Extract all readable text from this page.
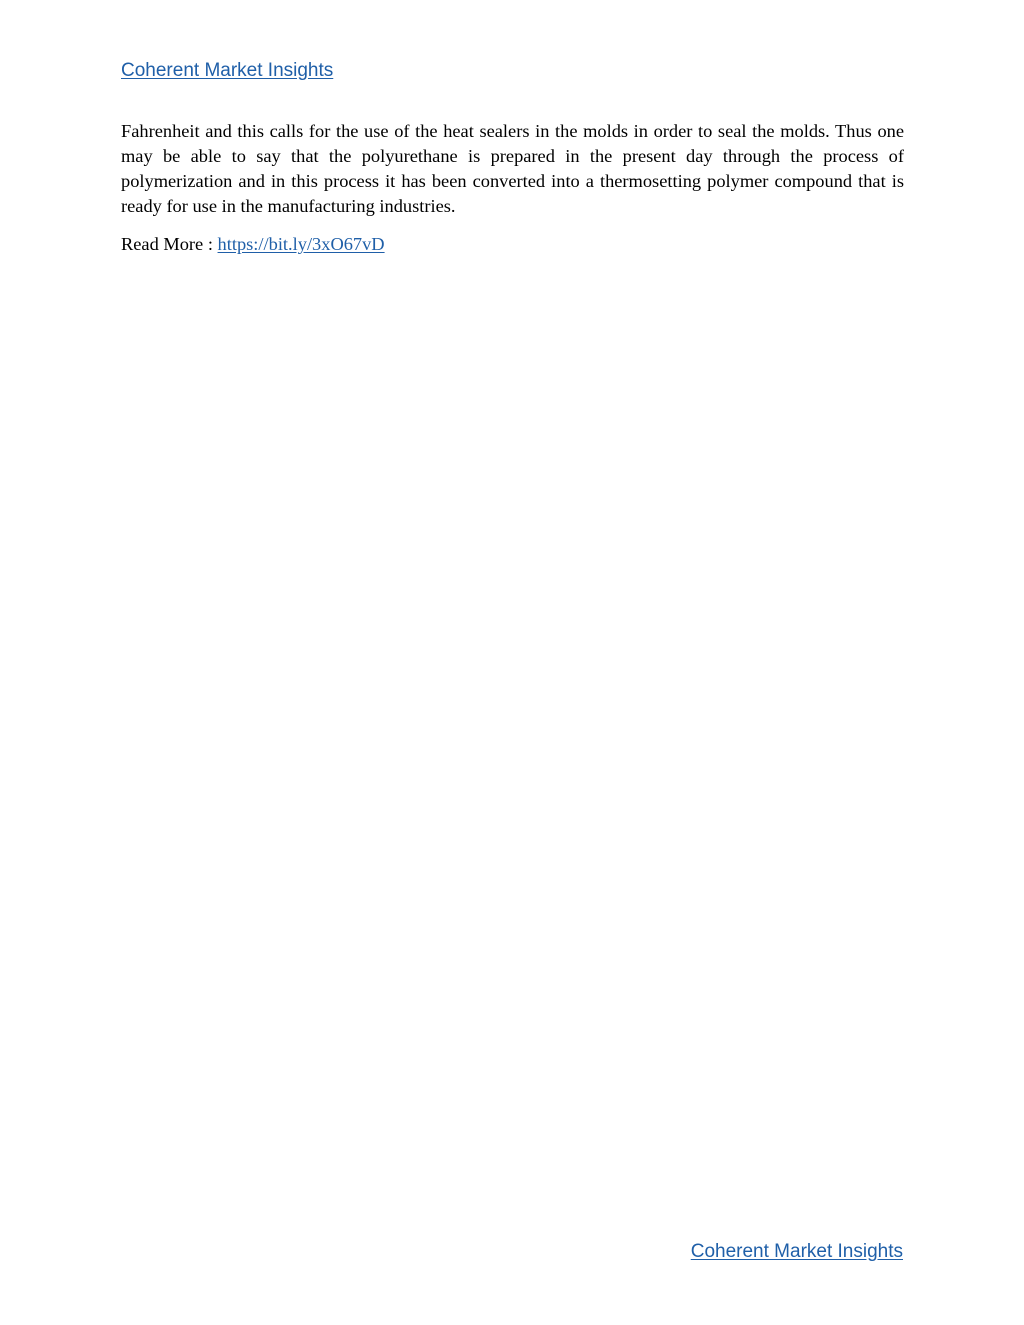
Coherent Market Insights

Fahrenheit and this calls for the use of the heat sealers in the molds in order to seal the molds. Thus one may be able to say that the polyurethane is prepared in the present day through the process of polymerization and in this process it has been converted into a thermosetting polymer compound that is ready for use in the manufacturing industries.

Read More : https://bit.ly/3xO67vD

Coherent Market Insights
